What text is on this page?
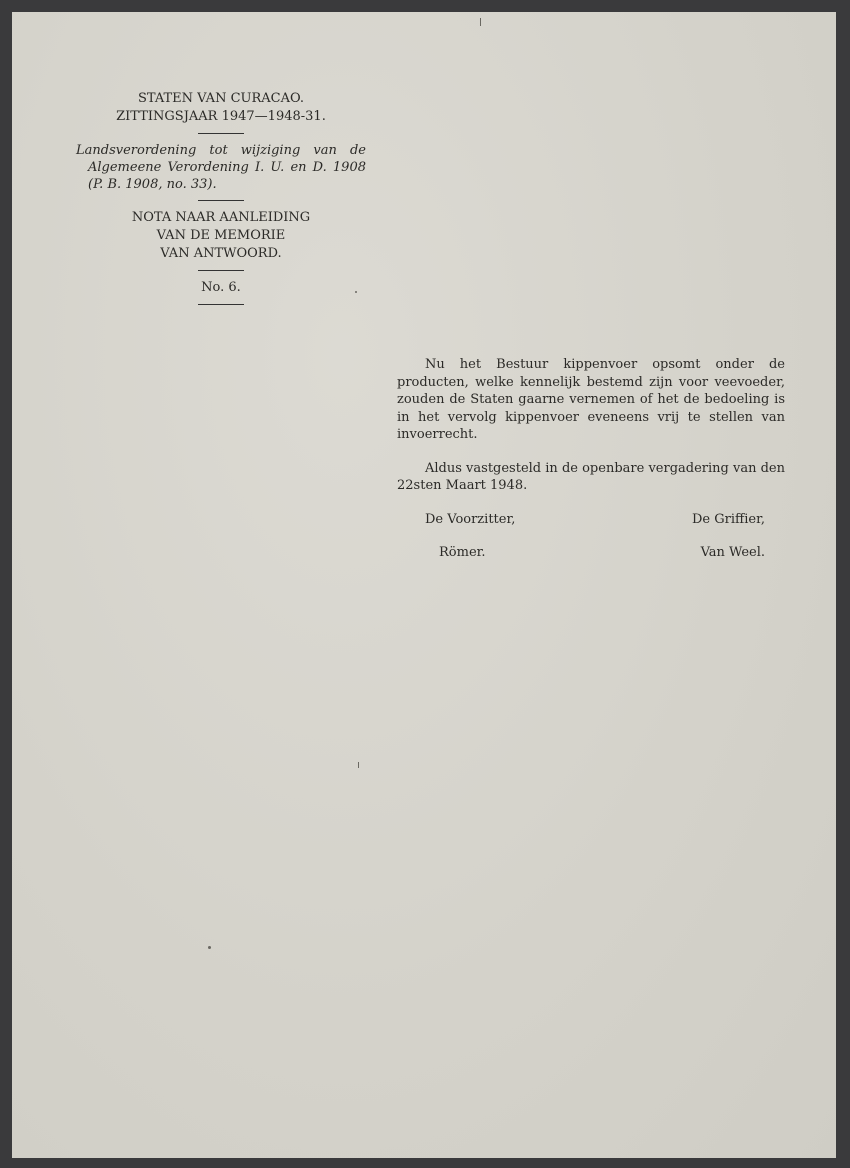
STATEN VAN CURACAO.
ZITTINGSJAAR 1947—1948-31.
Landsverordening tot wijziging van de Algemeene Verordening I. U. en D. 1908 (P. B. 1908, no. 33).
NOTA NAAR AANLEIDING
VAN DE MEMORIE
VAN ANTWOORD.
No. 6.

Nu het Bestuur kippenvoer opsomt onder de producten, welke kennelijk bestemd zijn voor veevoeder, zouden de Staten gaarne vernemen of het de bedoeling is in het vervolg kippenvoer eveneens vrij te stellen van invoerrecht.

Aldus vastgesteld in de openbare vergadering van den 22sten Maart 1948.

De Voorzitter,	De Griffier,
Römer.	Van Weel.
